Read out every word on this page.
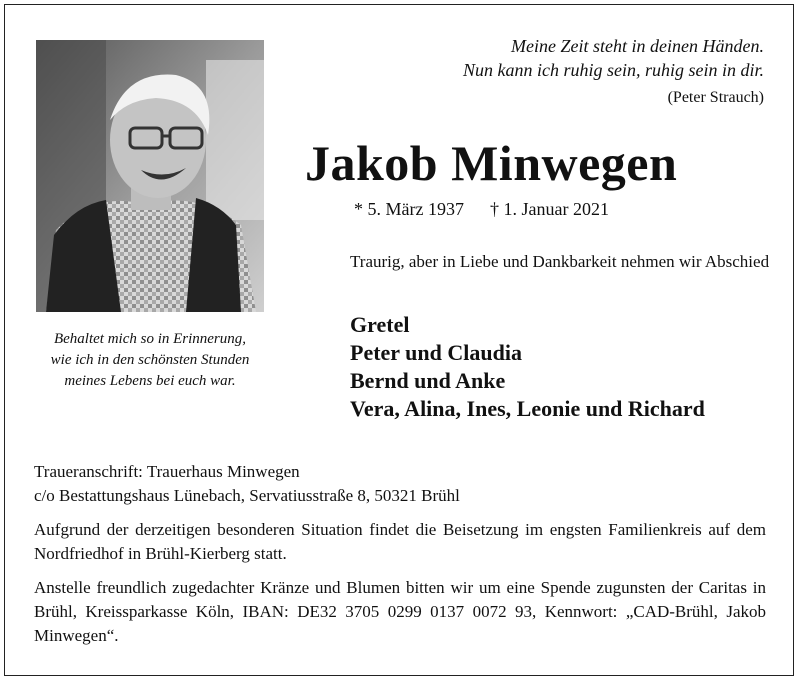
Behaltet mich so in Erinnerung,
wie ich in den schönsten Stunden
meines Lebens bei euch war.
Meine Zeit steht in deinen Händen.
Nun kann ich ruhig sein, ruhig sein in dir.
(Peter Strauch)
Jakob Minwegen
* 5. März 1937 † 1. Januar 2021
Traurig, aber in Liebe und Dankbarkeit nehmen wir Abschied
Gretel
Peter und Claudia
Bernd und Anke
Vera, Alina, Ines, Leonie und Richard

Traueranschrift: Trauerhaus Minwegen
c/o Bestattungshaus Lünebach, Servatiusstraße 8, 50321 Brühl

Aufgrund der derzeitigen besonderen Situation findet die Beisetzung im engsten Familienkreis auf dem Nordfriedhof in Brühl-Kierberg statt.

Anstelle freundlich zugedachter Kränze und Blumen bitten wir um eine Spende zugunsten der Caritas in Brühl, Kreissparkasse Köln, IBAN: DE32 3705 0299 0137 0072 93, Kennwort: „CAD-Brühl, Jakob Minwegen“.
